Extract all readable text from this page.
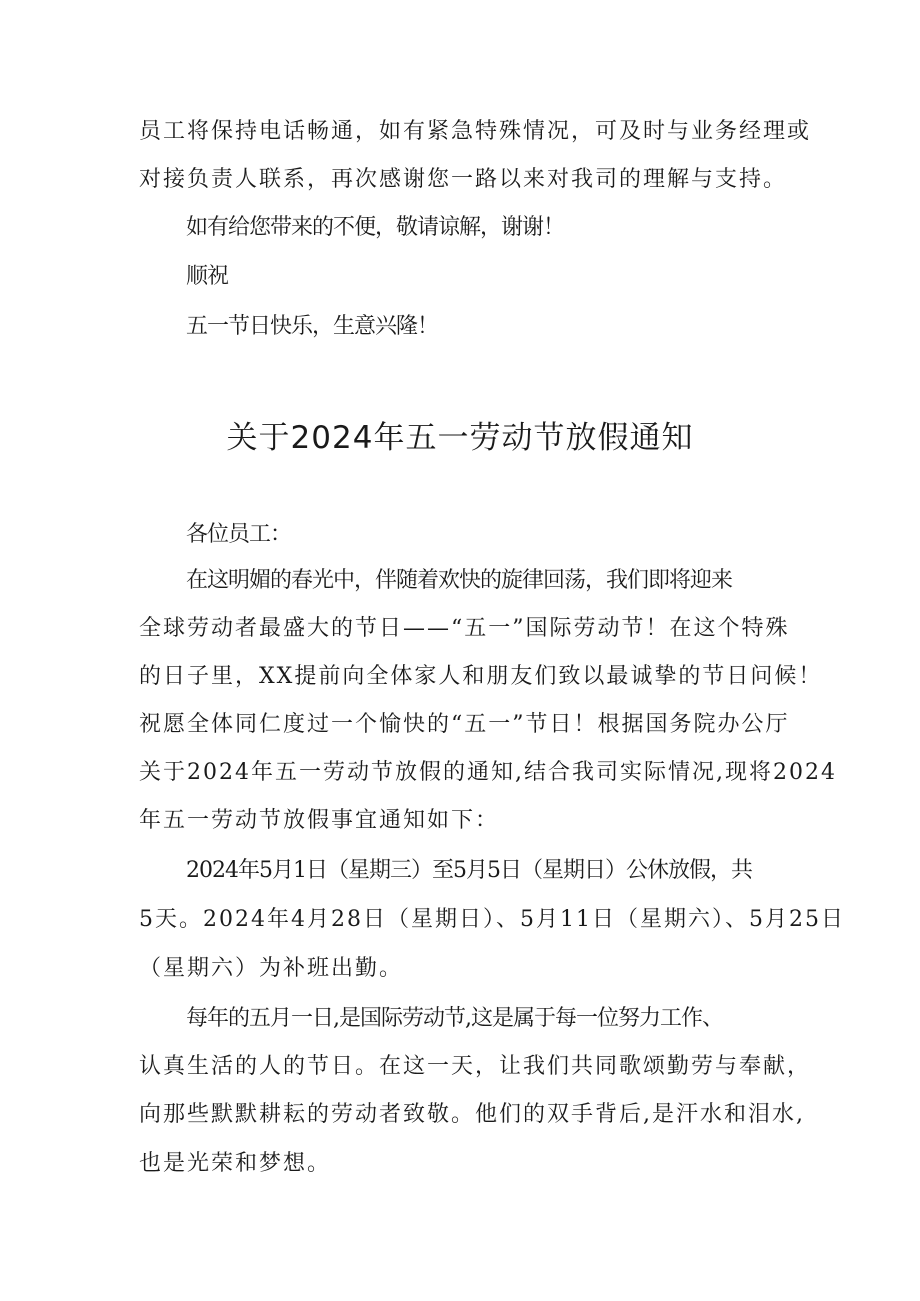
员工将保持电话畅通，如有紧急特殊情况，可及时与业务经理或
对接负责人联系，再次感谢您一路以来对我司的理解与支持。
如有给您带来的不便，敬请谅解，谢谢！
顺祝
五一节日快乐，生意兴隆！
关于2024年五一劳动节放假通知
各位员工：
在这明媚的春光中，伴随着欢快的旋律回荡，我们即将迎来
全球劳动者最盛大的节日——“五一”国际劳动节！在这个特殊
的日子里，XX提前向全体家人和朋友们致以最诚挚的节日问候！
祝愿全体同仁度过一个愉快的“五一”节日！根据国务院办公厅
关于2024年五一劳动节放假的通知,结合我司实际情况,现将2024
年五一劳动节放假事宜通知如下：
2024年5月1日（星期三）至5月5日（星期日）公休放假，共
5天。2024年4月28日（星期日）、5月11日（星期六）、5月25日
（星期六）为补班出勤。
每年的五月一日,是国际劳动节,这是属于每一位努力工作、
认真生活的人的节日。在这一天，让我们共同歌颂勤劳与奉献，
向那些默默耕耘的劳动者致敬。他们的双手背后,是汗水和泪水,
也是光荣和梦想。
